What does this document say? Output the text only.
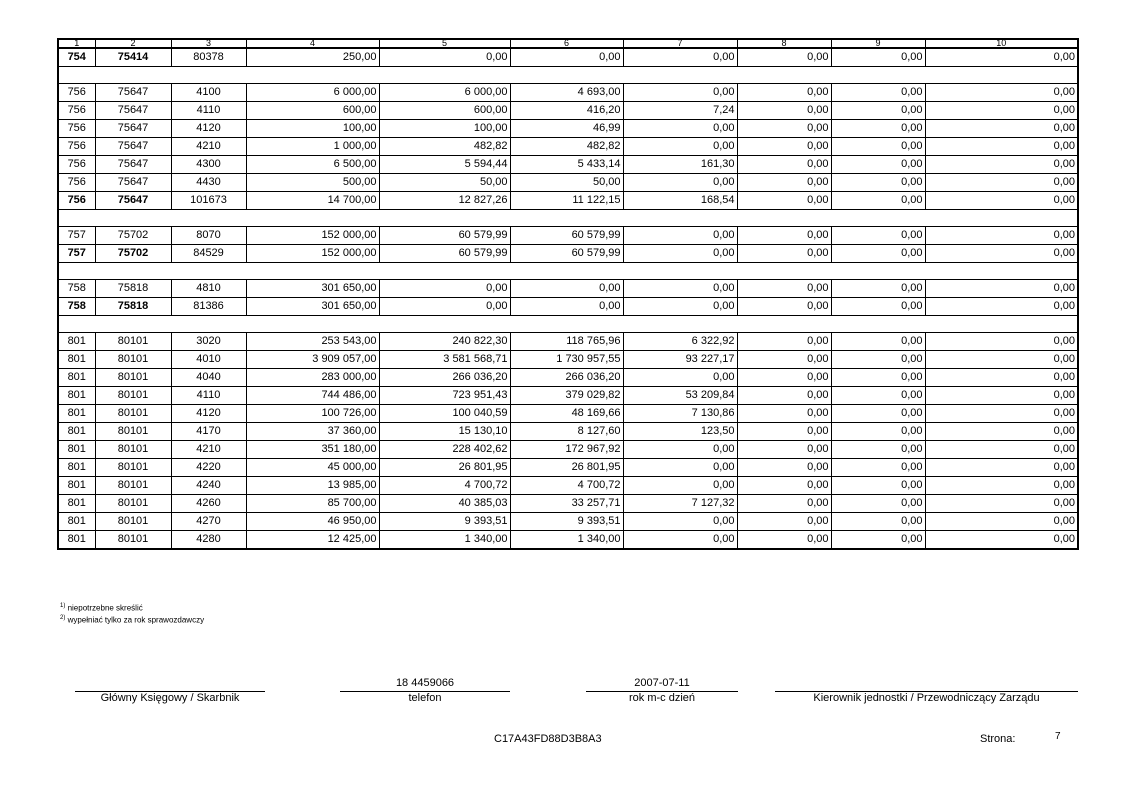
1	2	3	4	5	6	7	8	9	10
754	75414	80378	250,00	0,00	0,00	0,00	0,00	0,00	0,00

756	75647	4100	6 000,00	6 000,00	4 693,00	0,00	0,00	0,00	0,00
756	75647	4110	600,00	600,00	416,20	7,24	0,00	0,00	0,00
756	75647	4120	100,00	100,00	46,99	0,00	0,00	0,00	0,00
756	75647	4210	1 000,00	482,82	482,82	0,00	0,00	0,00	0,00
756	75647	4300	6 500,00	5 594,44	5 433,14	161,30	0,00	0,00	0,00
756	75647	4430	500,00	50,00	50,00	0,00	0,00	0,00	0,00
756	75647	101673	14 700,00	12 827,26	11 122,15	168,54	0,00	0,00	0,00

757	75702	8070	152 000,00	60 579,99	60 579,99	0,00	0,00	0,00	0,00
757	75702	84529	152 000,00	60 579,99	60 579,99	0,00	0,00	0,00	0,00

758	75818	4810	301 650,00	0,00	0,00	0,00	0,00	0,00	0,00
758	75818	81386	301 650,00	0,00	0,00	0,00	0,00	0,00	0,00

801	80101	3020	253 543,00	240 822,30	118 765,96	6 322,92	0,00	0,00	0,00
801	80101	4010	3 909 057,00	3 581 568,71	1 730 957,55	93 227,17	0,00	0,00	0,00
801	80101	4040	283 000,00	266 036,20	266 036,20	0,00	0,00	0,00	0,00
801	80101	4110	744 486,00	723 951,43	379 029,82	53 209,84	0,00	0,00	0,00
801	80101	4120	100 726,00	100 040,59	48 169,66	7 130,86	0,00	0,00	0,00
801	80101	4170	37 360,00	15 130,10	8 127,60	123,50	0,00	0,00	0,00
801	80101	4210	351 180,00	228 402,62	172 967,92	0,00	0,00	0,00	0,00
801	80101	4220	45 000,00	26 801,95	26 801,95	0,00	0,00	0,00	0,00
801	80101	4240	13 985,00	4 700,72	4 700,72	0,00	0,00	0,00	0,00
801	80101	4260	85 700,00	40 385,03	33 257,71	7 127,32	0,00	0,00	0,00
801	80101	4270	46 950,00	9 393,51	9 393,51	0,00	0,00	0,00	0,00
801	80101	4280	12 425,00	1 340,00	1 340,00	0,00	0,00	0,00	0,00
$^{1)}$ niepotrzebne skreślić
$^{2)}$ wypełniać tylko za rok sprawozdawczy
Główny Księgowy / Skarbnik
18 4459066
telefon
2007-07-11
rok m-c dzień	Kierownik jednostki / Przewodniczący Zarządu
C17A43FD88D3B8A3	Strona:	7
